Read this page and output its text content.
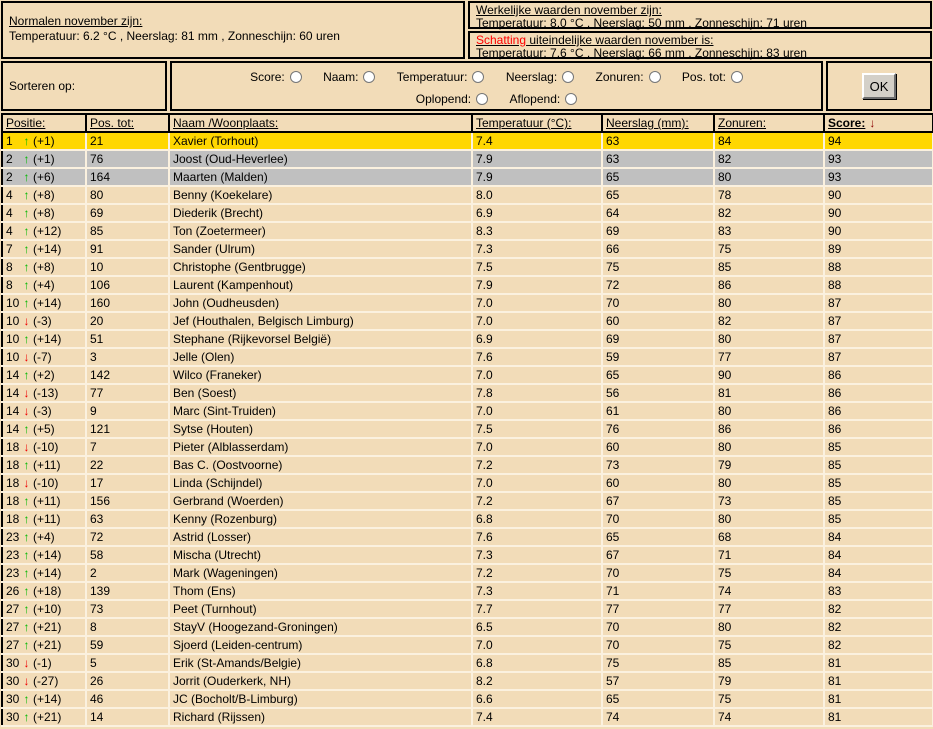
Normalen november zijn:
Temperatuur: 6.2 °C , Neerslag: 81 mm , Zonneschijn: 60 uren
Werkelijke waarden november zijn:
Temperatuur: 8.0 °C , Neerslag: 50 mm , Zonneschijn: 71 uren
Schatting uiteindelijke waarden november is:
Temperatuur: 7.6 °C , Neerslag: 66 mm , Zonneschijn: 83 uren
Sorteren op:
Score:	Naam:	Temperatuur:	Neerslag:	Zonuren:	Pos. tot:
Oplopend:	Aflopend:
OK
Positie:	Pos. tot:	Naam /Woonplaats:	Temperatuur (°C):	Neerslag (mm):	Zonuren:	Score: ↓
1 ↑ (+1)	21	Xavier (Torhout)	7.4	63	84	94
2 ↑ (+1)	76	Joost (Oud-Heverlee)	7.9	63	82	93
2 ↑ (+6)	164	Maarten (Malden)	7.9	65	80	93
4 ↑ (+8)	80	Benny (Koekelare)	8.0	65	78	90
4 ↑ (+8)	69	Diederik (Brecht)	6.9	64	82	90
4 ↑ (+12)	85	Ton (Zoetermeer)	8.3	69	83	90
7 ↑ (+14)	91	Sander (Ulrum)	7.3	66	75	89
8 ↑ (+8)	10	Christophe (Gentbrugge)	7.5	75	85	88
8 ↑ (+4)	106	Laurent (Kampenhout)	7.9	72	86	88
10 ↑ (+14)	160	John (Oudheusden)	7.0	70	80	87
10 ↓ (-3)	20	Jef (Houthalen, Belgisch Limburg)	7.0	60	82	87
10 ↑ (+14)	51	Stephane (Rijkevorsel België)	6.9	69	80	87
10 ↓ (-7)	3	Jelle (Olen)	7.6	59	77	87
14 ↑ (+2)	142	Wilco (Franeker)	7.0	65	90	86
14 ↓ (-13)	77	Ben (Soest)	7.8	56	81	86
14 ↓ (-3)	9	Marc (Sint-Truiden)	7.0	61	80	86
14 ↑ (+5)	121	Sytse (Houten)	7.5	76	86	86
18 ↓ (-10)	7	Pieter (Alblasserdam)	7.0	60	80	85
18 ↑ (+11)	22	Bas C. (Oostvoorne)	7.2	73	79	85
18 ↓ (-10)	17	Linda (Schijndel)	7.0	60	80	85
18 ↑ (+11)	156	Gerbrand (Woerden)	7.2	67	73	85
18 ↑ (+11)	63	Kenny (Rozenburg)	6.8	70	80	85
23 ↑ (+4)	72	Astrid (Losser)	7.6	65	68	84
23 ↑ (+14)	58	Mischa (Utrecht)	7.3	67	71	84
23 ↑ (+14)	2	Mark (Wageningen)	7.2	70	75	84
26 ↑ (+18)	139	Thom (Ens)	7.3	71	74	83
27 ↑ (+10)	73	Peet (Turnhout)	7.7	77	77	82
27 ↑ (+21)	8	StayV (Hoogezand-Groningen)	6.5	70	80	82
27 ↑ (+21)	59	Sjoerd (Leiden-centrum)	7.0	70	75	82
30 ↓ (-1)	5	Erik (St-Amands/Belgie)	6.8	75	85	81
30 ↓ (-27)	26	Jorrit (Ouderkerk, NH)	8.2	57	79	81
30 ↑ (+14)	46	JC (Bocholt/B-Limburg)	6.6	65	75	81
30 ↑ (+21)	14	Richard (Rijssen)	7.4	74	74	81
